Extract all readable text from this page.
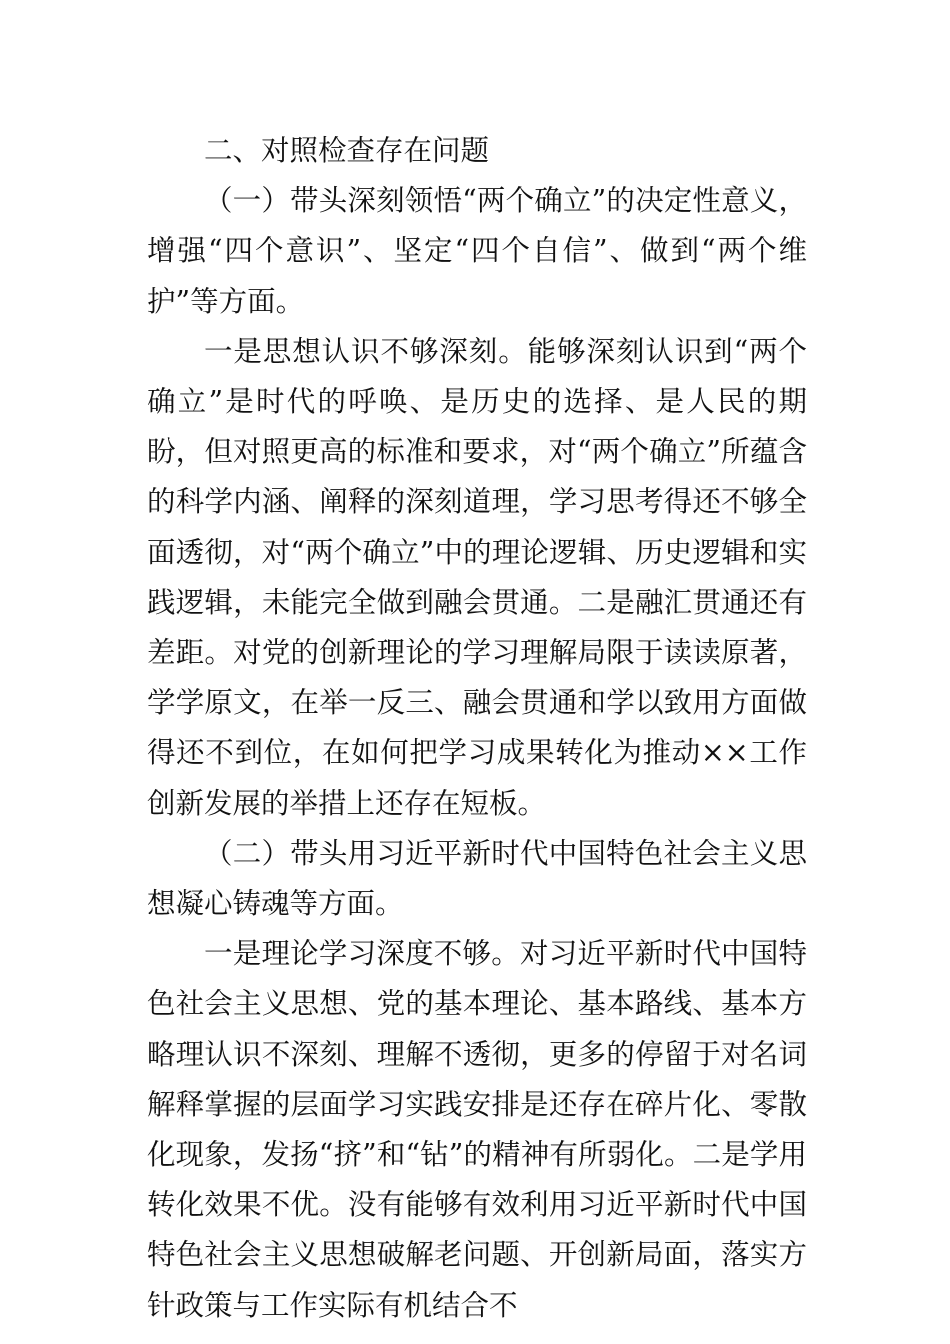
二、对照检查存在问题

（一）带头深刻领悟“两个确立”的决定性意义，增强“四个意识”、坚定“四个自信”、做到“两个维护”等方面。

一是思想认识不够深刻。能够深刻认识到“两个确立”是时代的呼唤、是历史的选择、是人民的期盼，但对照更高的标准和要求，对“两个确立”所蕴含的科学内涵、阐释的深刻道理，学习思考得还不够全面透彻，对“两个确立”中的理论逻辑、历史逻辑和实践逻辑，未能完全做到融会贯通。二是融汇贯通还有差距。对党的创新理论的学习理解局限于读读原著，学学原文，在举一反三、融会贯通和学以致用方面做得还不到位，在如何把学习成果转化为推动××工作创新发展的举措上还存在短板。

（二）带头用习近平新时代中国特色社会主义思想凝心铸魂等方面。

一是理论学习深度不够。对习近平新时代中国特色社会主义思想、党的基本理论、基本路线、基本方略理认识不深刻、理解不透彻，更多的停留于对名词解释掌握的层面学习实践安排是还存在碎片化、零散化现象，发扬“挤”和“钻”的精神有所弱化。二是学用转化效果不优。没有能够有效利用习近平新时代中国特色社会主义思想破解老问题、开创新局面，落实方针政策与工作实际有机结合不
